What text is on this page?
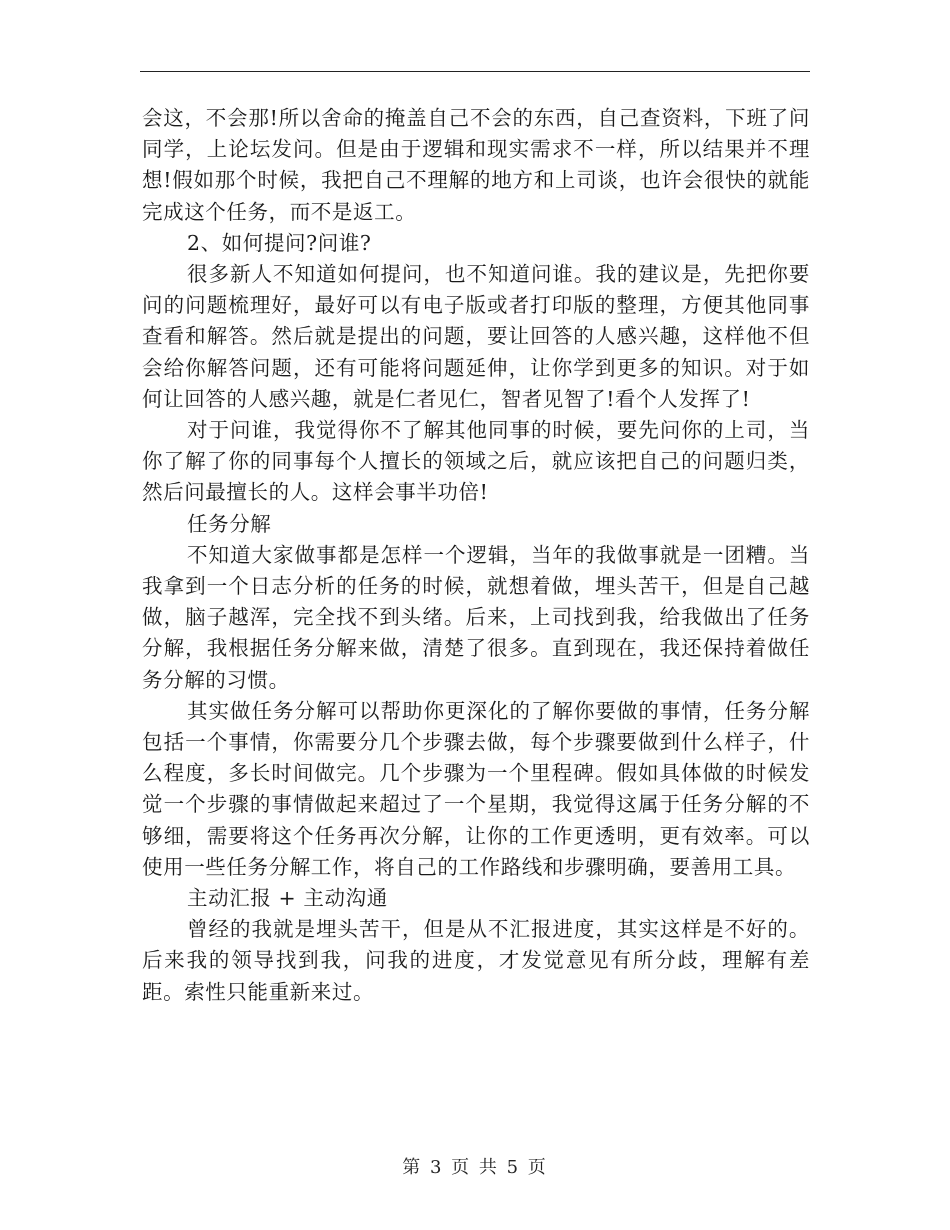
会这，不会那!所以舍命的掩盖自己不会的东西，自己查资料，下班了问同学，上论坛发问。但是由于逻辑和现实需求不一样，所以结果并不理想!假如那个时候，我把自己不理解的地方和上司谈，也许会很快的就能完成这个任务，而不是返工。

2、如何提问?问谁?

很多新人不知道如何提问，也不知道问谁。我的建议是，先把你要问的问题梳理好，最好可以有电子版或者打印版的整理，方便其他同事查看和解答。然后就是提出的问题，要让回答的人感兴趣，这样他不但会给你解答问题，还有可能将问题延伸，让你学到更多的知识。对于如何让回答的人感兴趣，就是仁者见仁，智者见智了!看个人发挥了!

对于问谁，我觉得你不了解其他同事的时候，要先问你的上司，当你了解了你的同事每个人擅长的领域之后，就应该把自己的问题归类，然后问最擅长的人。这样会事半功倍!

任务分解

不知道大家做事都是怎样一个逻辑，当年的我做事就是一团糟。当我拿到一个日志分析的任务的时候，就想着做，埋头苦干，但是自己越做，脑子越浑，完全找不到头绪。后来，上司找到我，给我做出了任务分解，我根据任务分解来做，清楚了很多。直到现在，我还保持着做任务分解的习惯。

其实做任务分解可以帮助你更深化的了解你要做的事情，任务分解包括一个事情，你需要分几个步骤去做，每个步骤要做到什么样子，什么程度，多长时间做完。几个步骤为一个里程碑。假如具体做的时候发觉一个步骤的事情做起来超过了一个星期，我觉得这属于任务分解的不够细，需要将这个任务再次分解，让你的工作更透明，更有效率。可以使用一些任务分解工作，将自己的工作路线和步骤明确，要善用工具。

主动汇报 + 主动沟通

曾经的我就是埋头苦干，但是从不汇报进度，其实这样是不好的。后来我的领导找到我，问我的进度，才发觉意见有所分歧，理解有差距。索性只能重新来过。

第 3 页 共 5 页
